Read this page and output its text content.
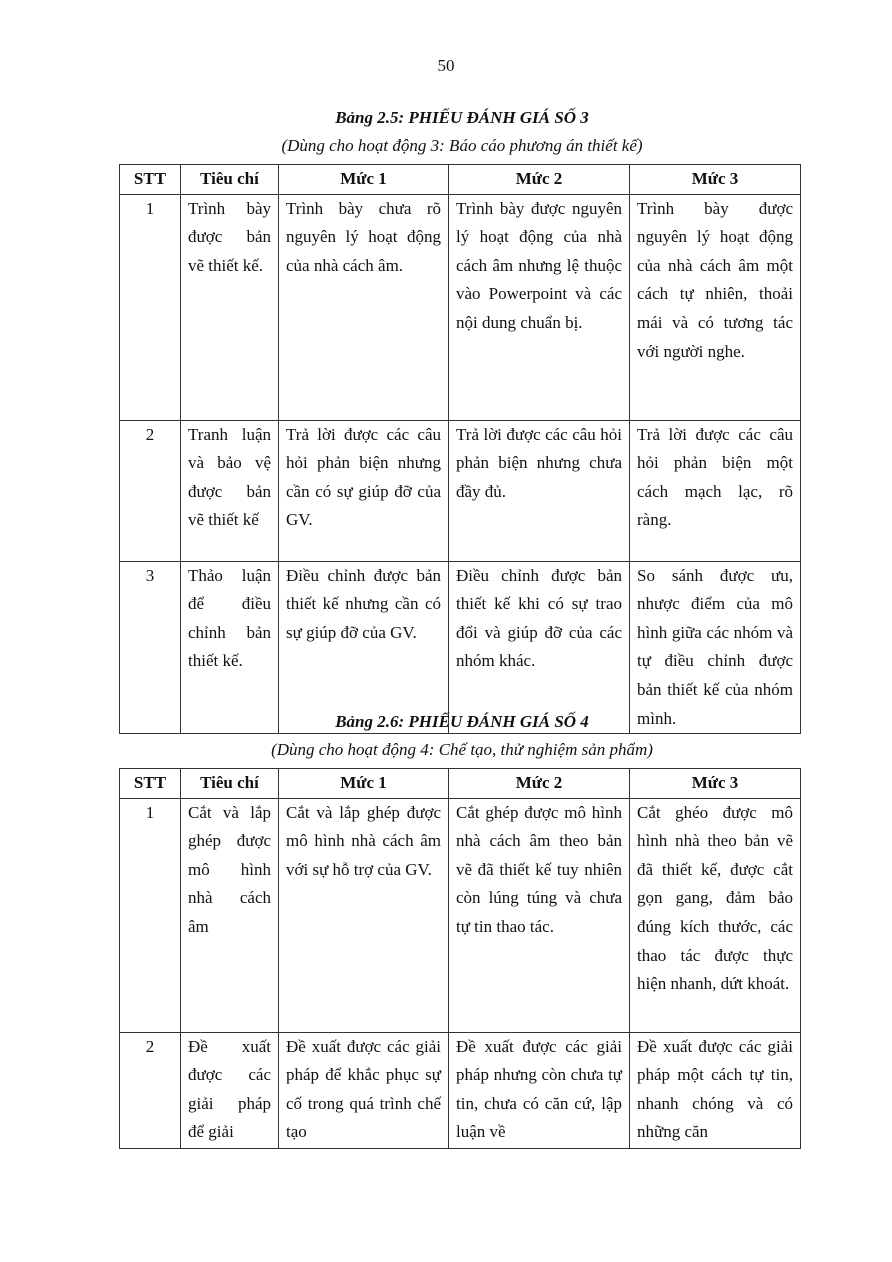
50
Bảng 2.5: PHIẾU ĐÁNH GIÁ SỐ 3
(Dùng cho hoạt động 3: Báo cáo phương án thiết kế)
STT	Tiêu chí	Mức 1	Mức 2	Mức 3
1	Trình bày được bản vẽ thiết kế.	Trình bày chưa rõ nguyên lý hoạt động của nhà cách âm.	Trình bày được nguyên lý hoạt động của nhà cách âm nhưng lệ thuộc vào Powerpoint và các nội dung chuẩn bị.	Trình bày được nguyên lý hoạt động của nhà cách âm một cách tự nhiên, thoải mái và có tương tác với người nghe.
2	Tranh luận và bảo vệ được bản vẽ thiết kế	Trả lời được các câu hỏi phản biện nhưng cần có sự giúp đỡ của GV.	Trả lời được các câu hỏi phản biện nhưng chưa đầy đủ.	Trả lời được các câu hỏi phản biện một cách mạch lạc, rõ ràng.
3	Thảo luận để điều chỉnh bản thiết kế.	Điều chỉnh được bản thiết kế nhưng cần có sự giúp đỡ của GV.	Điều chỉnh được bản thiết kế khi có sự trao đổi và giúp đỡ của các nhóm khác.	So sánh được ưu, nhược điểm của mô hình giữa các nhóm và tự điều chỉnh được bản thiết kế của nhóm mình.
Bảng 2.6: PHIẾU ĐÁNH GIÁ SỐ 4
(Dùng cho hoạt động 4: Chế tạo, thử nghiệm sản phẩm)
STT	Tiêu chí	Mức 1	Mức 2	Mức 3
1	Cắt và lắp ghép được mô hình nhà cách âm	Cắt và lắp ghép được mô hình nhà cách âm với sự hỗ trợ của GV.	Cắt ghép được mô hình nhà cách âm theo bản vẽ đã thiết kế tuy nhiên còn lúng túng và chưa tự tin thao tác.	Cắt ghéo được mô hình nhà theo bản vẽ đã thiết kế, được cắt gọn gang, đảm bảo đúng kích thước, các thao tác được thực hiện nhanh, dứt khoát.
2	Đề xuất được các giải pháp để giải	Đề xuất được các giải pháp để khắc phục sự cố trong quá trình chế tạo	Đề xuất được các giải pháp nhưng còn chưa tự tin, chưa có căn cứ, lập luận về	Đề xuất được các giải pháp một cách tự tin, nhanh chóng và có những căn
